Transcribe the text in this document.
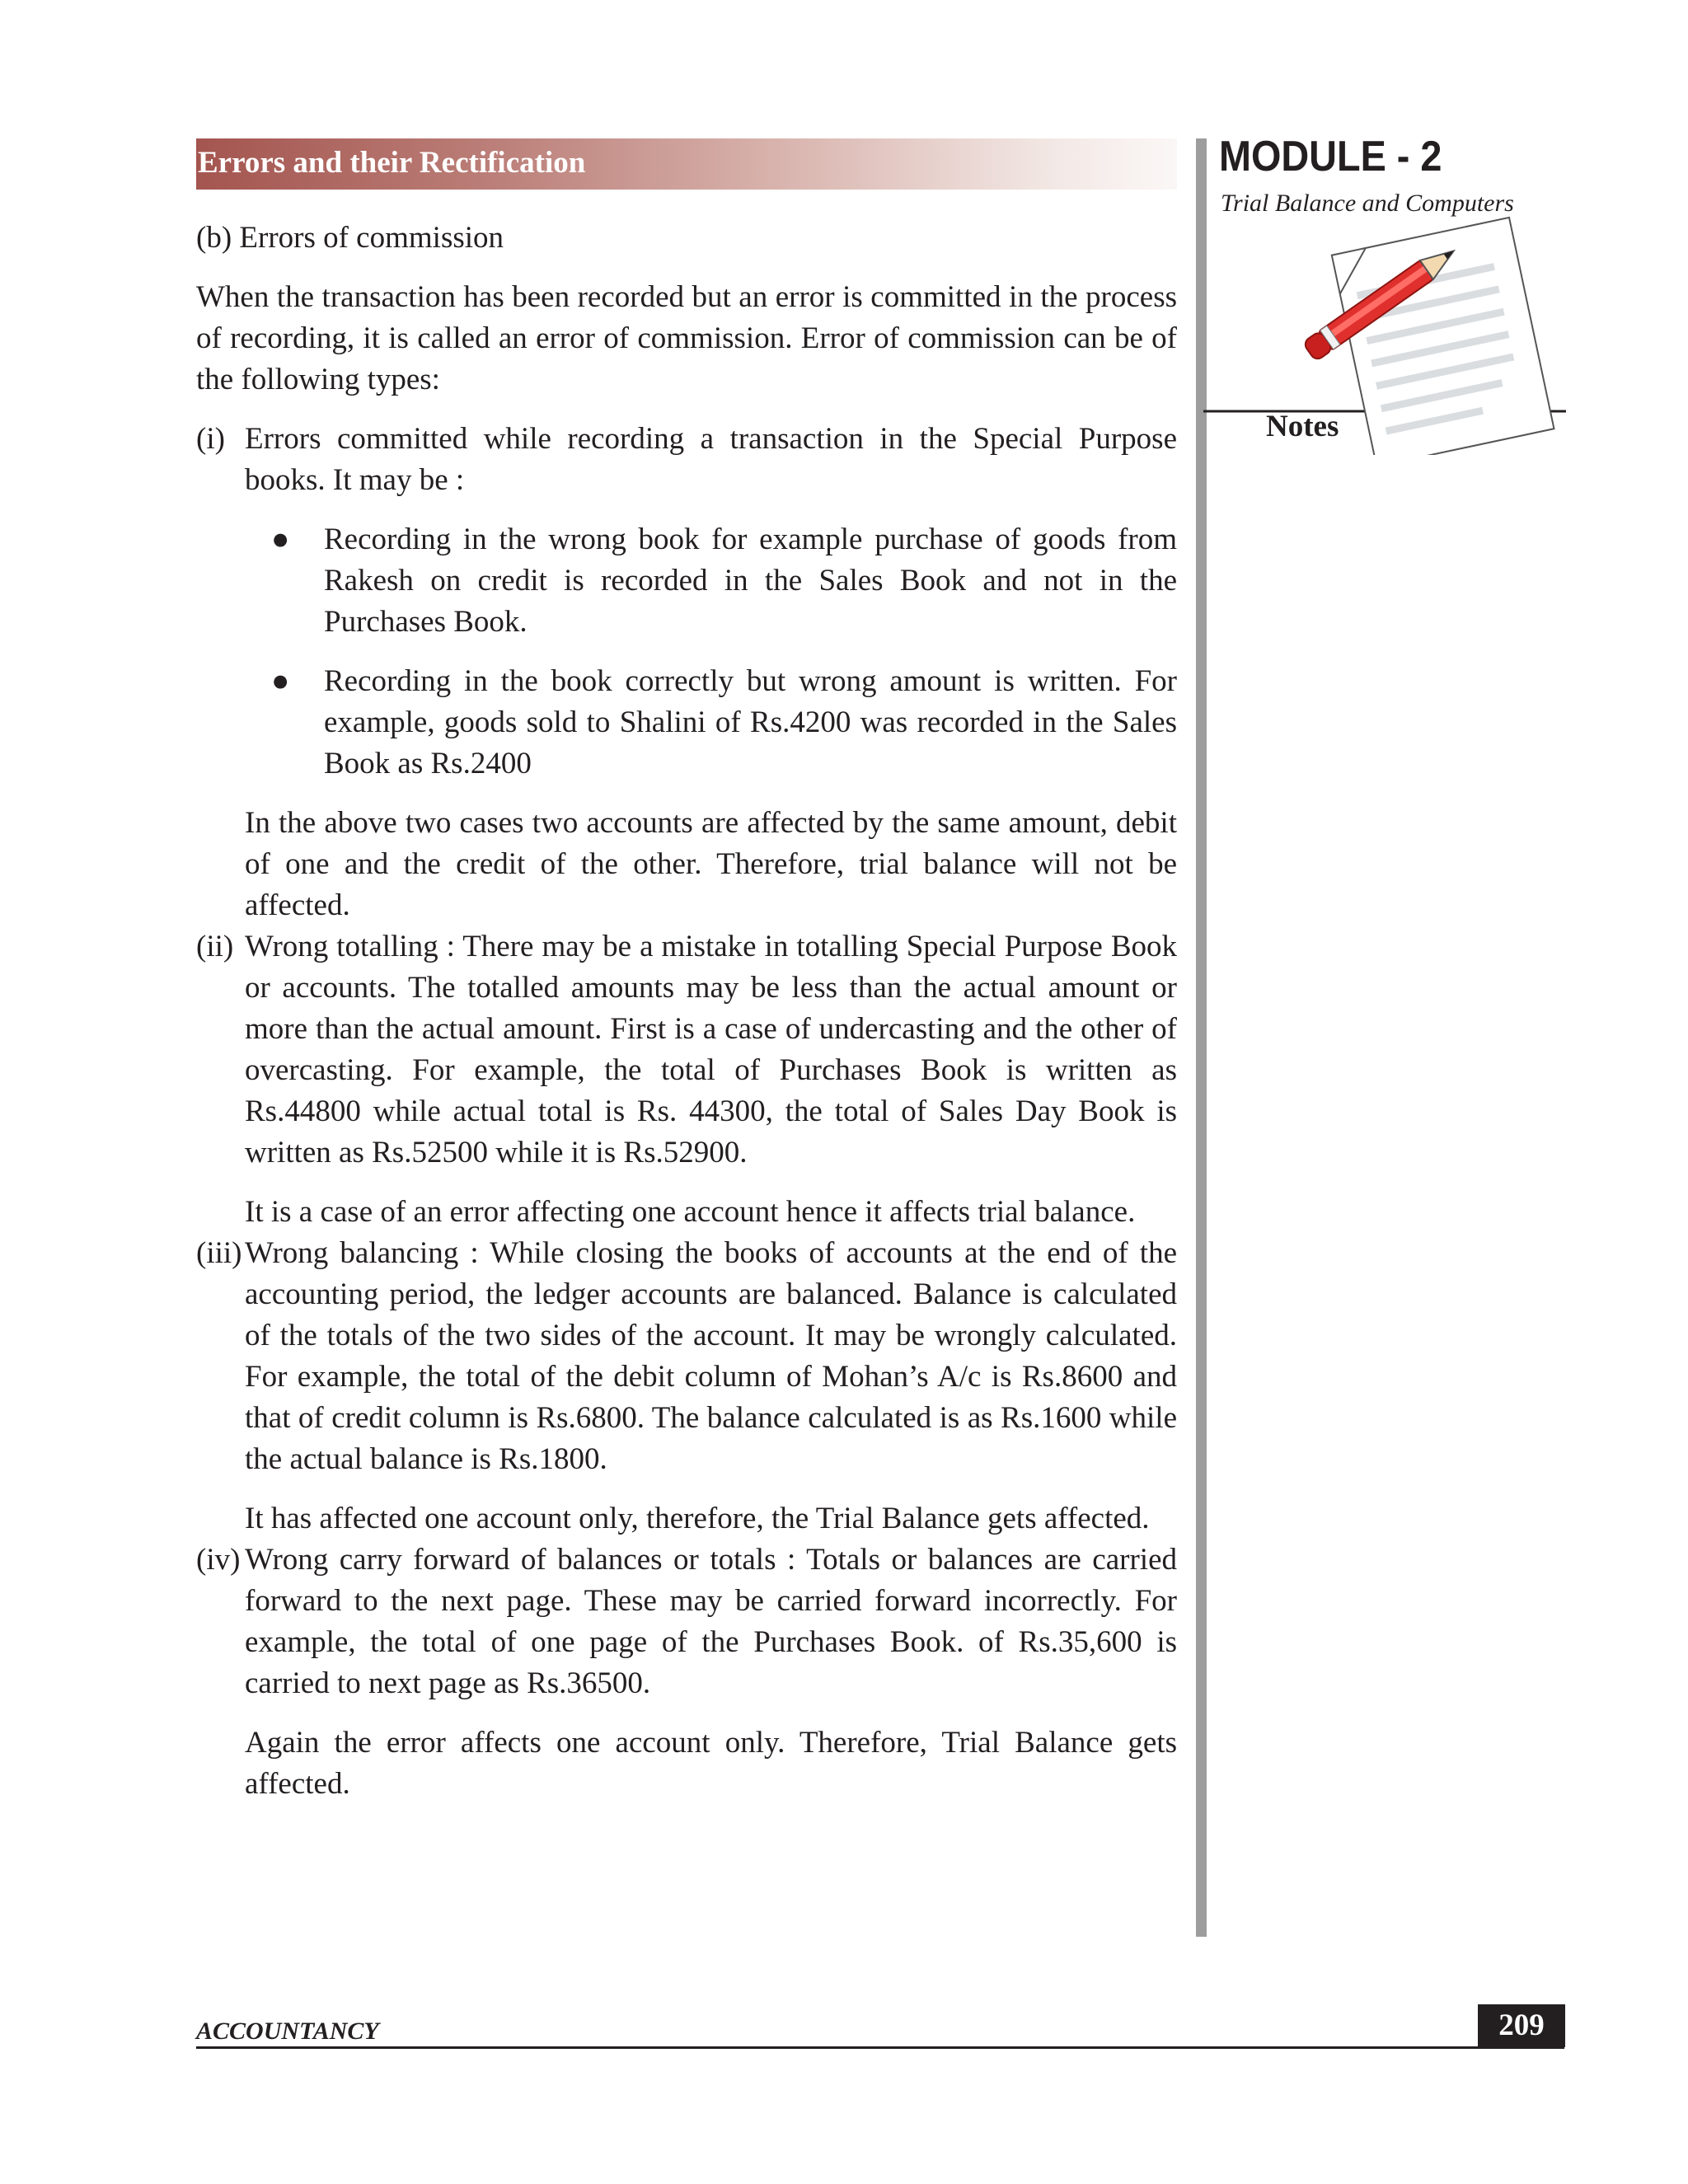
Errors and their Rectification	MODULE - 2
Trial Balance and Computers
Notes

(b) Errors of commission

When the transaction has been recorded but an error is committed in the process of recording, it is called an error of commission. Error of commission can be of the following types:

(i) Errors committed while recording a transaction in the Special Purpose books. It may be :
● Recording in the wrong book for example purchase of goods from Rakesh on credit is recorded in the Sales Book and not in the Purchases Book.
● Recording in the book correctly but wrong amount is written. For example, goods sold to Shalini of Rs.4200 was recorded in the Sales Book as Rs.2400

In the above two cases two accounts are affected by the same amount, debit of one and the credit of the other. Therefore, trial balance will not be affected.

(ii) Wrong totalling : There may be a mistake in totalling Special Purpose Book or accounts. The totalled amounts may be less than the actual amount or more than the actual amount. First is a case of undercasting and the other of overcasting. For example, the total of Purchases Book is written as Rs.44800 while actual total is Rs. 44300, the total of Sales Day Book is written as Rs.52500 while it is Rs.52900.

It is a case of an error affecting one account hence it affects trial balance.

(iii) Wrong balancing : While closing the books of accounts at the end of the accounting period, the ledger accounts are balanced. Balance is calculated of the totals of the two sides of the account. It may be wrongly calculated. For example, the total of the debit column of Mohan’s A/c is Rs.8600 and that of credit column is Rs.6800. The balance calculated is as Rs.1600 while the actual balance is Rs.1800.

It has affected one account only, therefore, the Trial Balance gets affected.

(iv) Wrong carry forward of balances or totals : Totals or balances are carried forward to the next page. These may be carried forward incorrectly. For example, the total of one page of the Purchases Book. of Rs.35,600 is carried to next page as Rs.36500.

Again the error affects one account only. Therefore, Trial Balance gets affected.

ACCOUNTANCY	209
